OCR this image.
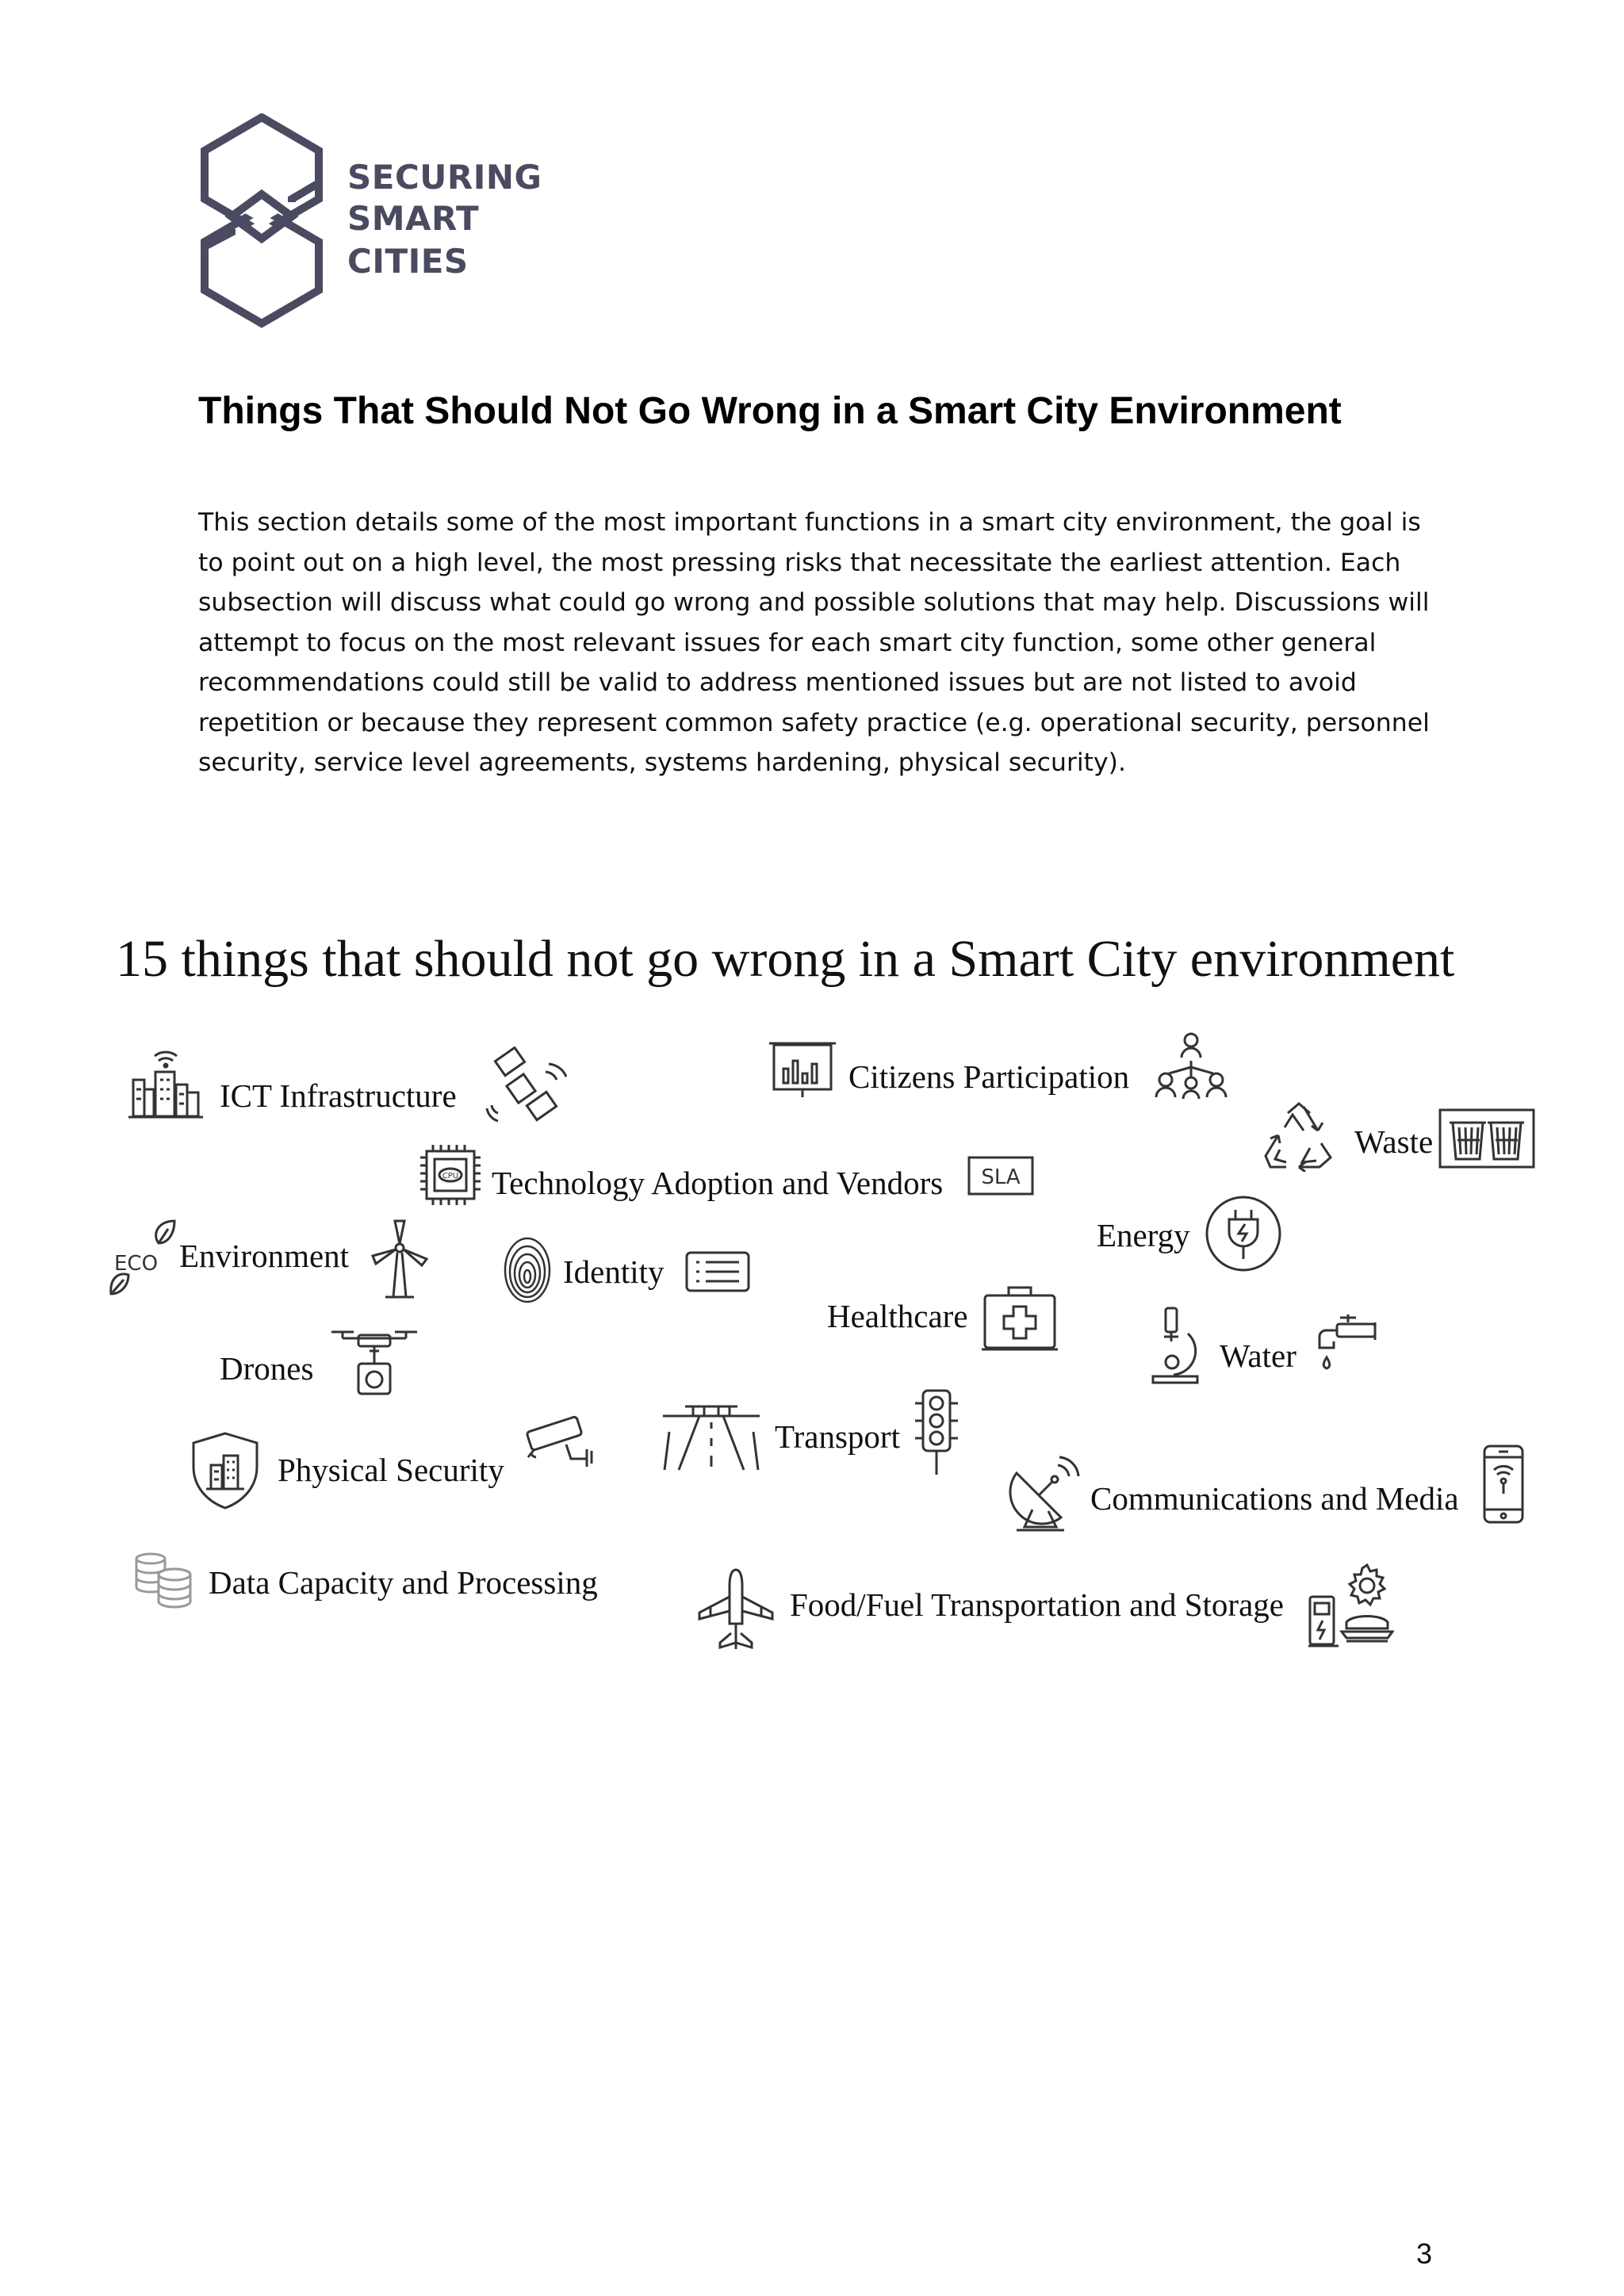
SECURING
SMART
CITIES
Things That Should Not Go Wrong in a Smart City Environment

This section details some of the most important functions in a smart city environment, the goal is to point out on a high level, the most pressing risks that necessitate the earliest attention. Each subsection will discuss what could go wrong and possible solutions that may help. Discussions will attempt to focus on the most relevant issues for each smart city function, some other general recommendations could still be valid to address mentioned issues but are not listed to avoid repetition or because they represent common safety practice (e.g. operational security, personnel security, service level agreements, systems hardening, physical security).

15 things that should not go wrong in a Smart City environment
ICT Infrastructure
Citizens Participation
Waste
CPU Technology Adoption and Vendors SLA
Energy
ECO Environment	Identity
Healthcare
Drones	Water
Transport
Physical Security
Communications and Media
Data Capacity and Processing
Food/Fuel Transportation and Storage
3
